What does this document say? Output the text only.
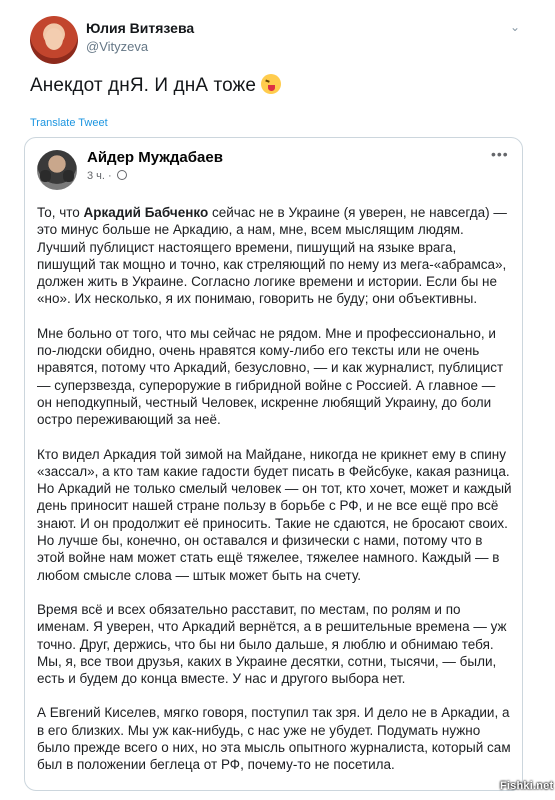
Юлия Витязева
@Vityzeva
⌄
Анекдот днЯ. И днА тоже
Translate Tweet
Айдер Муждабаев
3 ч. ·
•••

То, что Аркадий Бабченко сейчас не в Украине (я уверен, не навсегда) — это минус больше не Аркадию, а нам, мне, всем мыслящим людям. Лучший публицист настоящего времени, пишущий на языке врага, пишущий так мощно и точно, как стреляющий по нему из мега-«абрамса», должен жить в Украине. Согласно логике времени и истории. Если бы не «но». Их несколько, я их понимаю, говорить не буду; они объективны.

Мне больно от того, что мы сейчас не рядом. Мне и профессионально, и по-людски обидно, очень нравятся кому-либо его тексты или не очень нравятся, потому что Аркадий, безусловно, — и как журналист, публицист — суперзвезда, супероружие в гибридной войне с Россией. А главное — он неподкупный, честный Человек, искренне любящий Украину, до боли остро переживающий за неё.

Кто видел Аркадия той зимой на Майдане, никогда не крикнет ему в спину «зассал», а кто там какие гадости будет писать в Фейсбуке, какая разница. Но Аркадий не только смелый человек — он тот, кто хочет, может и каждый день приносит нашей стране пользу в борьбе с РФ, и не все ещё про всё знают. И он продолжит её приносить. Такие не сдаются, не бросают своих. Но лучше бы, конечно, он оставался и физически с нами, потому что в этой войне нам может стать ещё тяжелее, тяжелее намного. Каждый — в любом смысле слова — штык может быть на счету.

Время всё и всех обязательно расставит, по местам, по ролям и по именам. Я уверен, что Аркадий вернётся, а в решительные времена — уж точно. Друг, держись, что бы ни было дальше, я люблю и обнимаю тебя. Мы, я, все твои друзья, каких в Украине десятки, сотни, тысячи, — были, есть и будем до конца вместе. У нас и другого выбора нет.

А Евгений Киселев, мягко говоря, поступил так зря. И дело не в Аркадии, а в его близких. Мы уж как-нибудь, с нас уже не убудет. Подумать нужно было прежде всего о них, но эта мысль опытного журналиста, который сам был в положении беглеца от РФ, почему-то не посетила.

Fishki.net
